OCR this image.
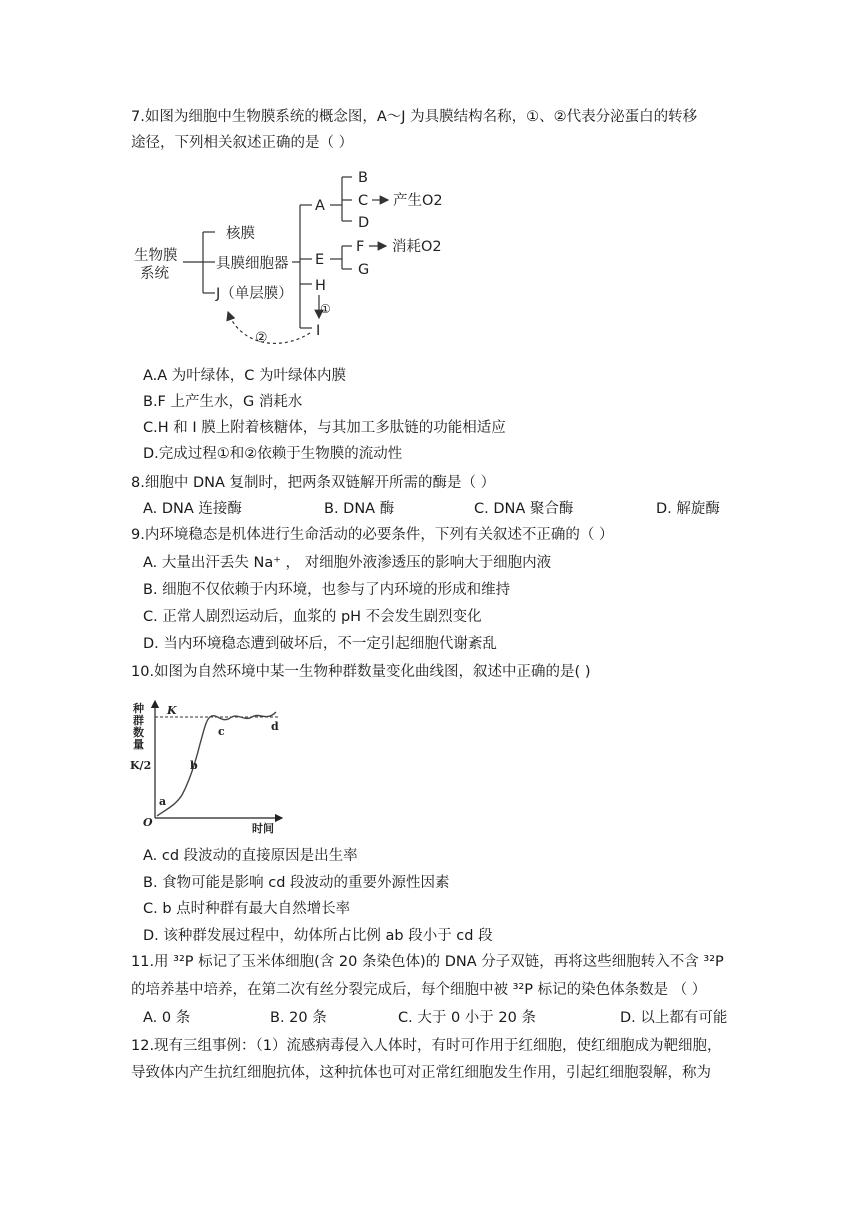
7.如图为细胞中生物膜系统的概念图，A～J 为具膜结构名称，①、②代表分泌蛋白的转移
途径，下列相关叙述正确的是（ ）
生物膜
系统
核膜
具膜细胞器
J（单层膜）
A
B
C
D
产生O2
E
F
G
消耗O2
H
I
①
②
A.A 为叶绿体，C 为叶绿体内膜
B.F 上产生水，G 消耗水
C.H 和 I 膜上附着核糖体，与其加工多肽链的功能相适应
D.完成过程①和②依赖于生物膜的流动性
8.细胞中 DNA 复制时，把两条双链解开所需的酶是（ ）
A. DNA 连接酶	B. DNA 酶	C. DNA 聚合酶	D. 解旋酶
9.内环境稳态是机体进行生命活动的必要条件，下列有关叙述不正确的（ ）
A. 大量出汗丢失 Na⁺ ， 对细胞外液渗透压的影响大于细胞内液
B. 细胞不仅依赖于内环境，也参与了内环境的形成和维持
C. 正常人剧烈运动后，血浆的 pH 不会发生剧烈变化
D. 当内环境稳态遭到破坏后，不一定引起细胞代谢紊乱
10.如图为自然环境中某一生物种群数量变化曲线图，叙述中正确的是( )
种
群
数
量
K/2
K
O	时间
a
b
c	d
A. cd 段波动的直接原因是出生率
B. 食物可能是影响 cd 段波动的重要外源性因素
C. b 点时种群有最大自然增长率
D. 该种群发展过程中，幼体所占比例 ab 段小于 cd 段
11.用 ³²P 标记了玉米体细胞(含 20 条染色体)的 DNA 分子双链，再将这些细胞转入不含 ³²P
的培养基中培养，在第二次有丝分裂完成后，每个细胞中被 ³²P 标记的染色体条数是 （ ）
A. 0 条	B. 20 条	C. 大于 0 小于 20 条	D. 以上都有可能
12.现有三组事例：（1）流感病毒侵入人体时，有时可作用于红细胞，使红细胞成为靶细胞，
导致体内产生抗红细胞抗体，这种抗体也可对正常红细胞发生作用，引起红细胞裂解，称为
